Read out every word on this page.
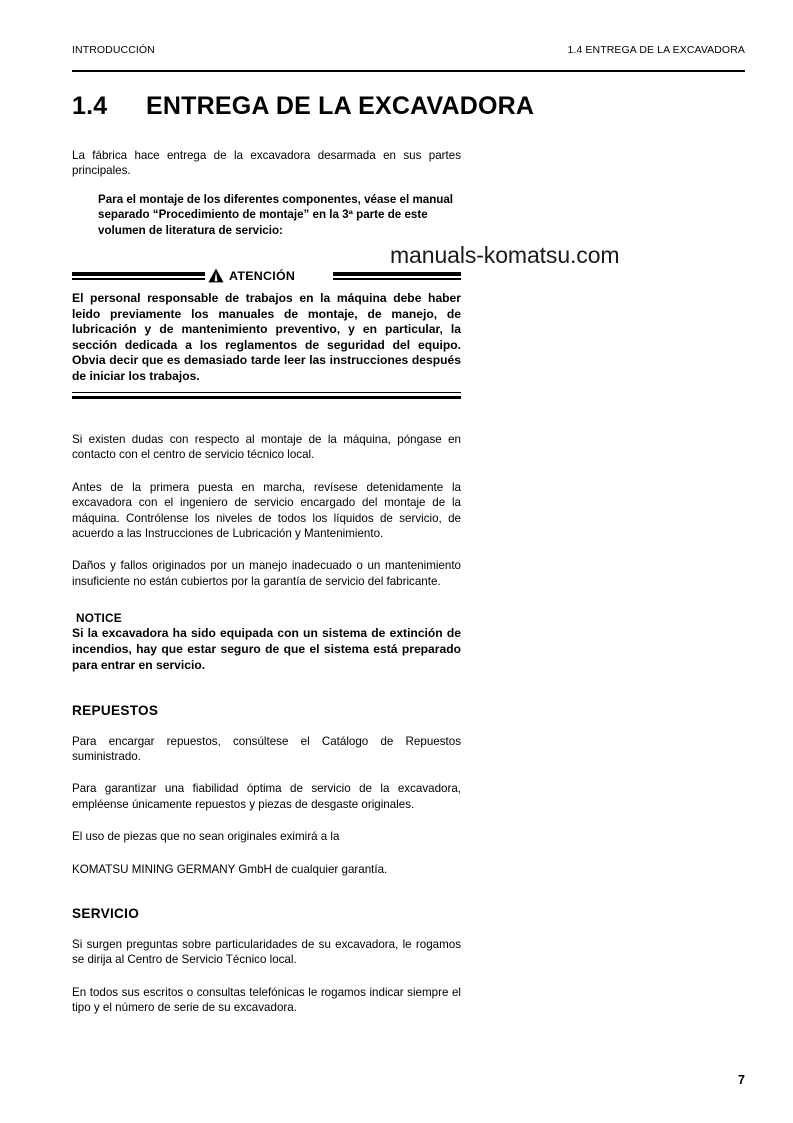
INTRODUCCIÓN	1.4 ENTREGA DE LA EXCAVADORA
1.4 ENTREGA DE LA EXCAVADORA

La fábrica hace entrega de la excavadora desarmada en sus partes principales.

Para el montaje de los diferentes componentes, véase el manual separado “Procedimiento de montaje” en la 3ª parte de este volumen de literatura de servicio:

manuals-komatsu.com
ATENCIÓN

El personal responsable de trabajos en la máquina debe haber leido previamente los manuales de montaje, de manejo, de lubricación y de mantenimiento preventivo, y en particular, la sección dedicada a los reglamentos de seguridad del equipo. Obvia decir que es demasiado tarde leer las instrucciones después de iniciar los trabajos.

Si existen dudas con respecto al montaje de la máquina, póngase en contacto con el centro de servicio técnico local.

Antes de la primera puesta en marcha, revísese detenidamente la excavadora con el ingeniero de servicio encargado del montaje de la máquina. Contrólense los niveles de todos los líquidos de servicio, de acuerdo a las Instrucciones de Lubricación y Mantenimiento.

Daños y fallos originados por un manejo inadecuado o un mantenimiento insuficiente no están cubiertos por la garantía de servicio del fabricante.

NOTICE

Si la excavadora ha sido equipada con un sistema de extinción de incendios, hay que estar seguro de que el sistema está preparado para entrar en servicio.

REPUESTOS

Para encargar repuestos, consúltese el Catálogo de Repuestos suministrado.

Para garantizar una fiabilidad óptima de servicio de la excavadora, empléense únicamente repuestos y piezas de desgaste originales.

El uso de piezas que no sean originales eximirá a la

KOMATSU MINING GERMANY GmbH de cualquier garantía.

SERVICIO

Si surgen preguntas sobre particularidades de su excavadora, le rogamos se dirija al Centro de Servicio Técnico local.

En todos sus escritos o consultas telefónicas le rogamos indicar siempre el tipo y el número de serie de su excavadora.

7
